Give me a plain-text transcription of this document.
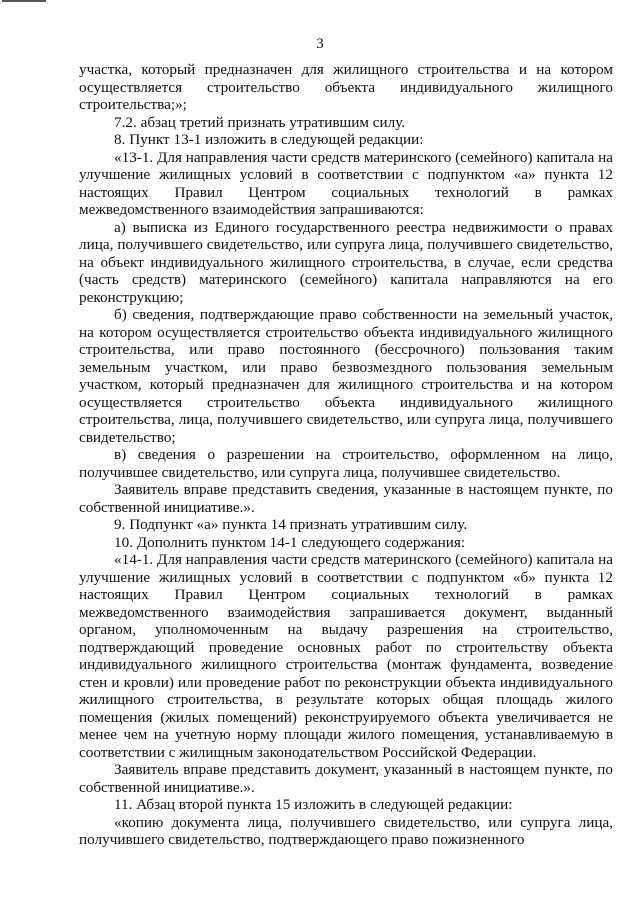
3

участка, который предназначен для жилищного строительства и на котором осуществляется строительство объекта индивидуального жилищного строительства;»;

7.2. абзац третий признать утратившим силу.

8. Пункт 13-1 изложить в следующей редакции:

«13-1. Для направления части средств материнского (семейного) капитала на улучшение жилищных условий в соответствии с подпунктом «а» пункта 12 настоящих Правил Центром социальных технологий в рамках межведомственного взаимодействия запрашиваются:

а) выписка из Единого государственного реестра недвижимости о правах лица, получившего свидетельство, или супруга лица, получившего свидетельство, на объект индивидуального жилищного строительства, в случае, если средства (часть средств) материнского (семейного) капитала направляются на его реконструкцию;

б) сведения, подтверждающие право собственности на земельный участок, на котором осуществляется строительство объекта индивидуального жилищного строительства, или право постоянного (бессрочного) пользования таким земельным участком, или право безвозмездного пользования земельным участком, который предназначен для жилищного строительства и на котором осуществляется строительство объекта индивидуального жилищного строительства, лица, получившего свидетельство, или супруга лица, получившего свидетельство;

в) сведения о разрешении на строительство, оформленном на лицо, получившее свидетельство, или супруга лица, получившее свидетельство.

Заявитель вправе представить сведения, указанные в настоящем пункте, по собственной инициативе.».

9. Подпункт «а» пункта 14 признать утратившим силу.

10. Дополнить пунктом 14-1 следующего содержания:

«14-1. Для направления части средств материнского (семейного) капитала на улучшение жилищных условий в соответствии с подпунктом «б» пункта 12 настоящих Правил Центром социальных технологий в рамках межведомственного взаимодействия запрашивается документ, выданный органом, уполномоченным на выдачу разрешения на строительство, подтверждающий проведение основных работ по строительству объекта индивидуального жилищного строительства (монтаж фундамента, возведение стен и кровли) или проведение работ по реконструкции объекта индивидуального жилищного строительства, в результате которых общая площадь жилого помещения (жилых помещений) реконструируемого объекта увеличивается не менее чем на учетную норму площади жилого помещения, устанавливаемую в соответствии с жилищным законодательством Российской Федерации.

Заявитель вправе представить документ, указанный в настоящем пункте, по собственной инициативе.».

11. Абзац второй пункта 15 изложить в следующей редакции:

«копию документа лица, получившего свидетельство, или супруга лица, получившего свидетельство, подтверждающего право пожизненного
